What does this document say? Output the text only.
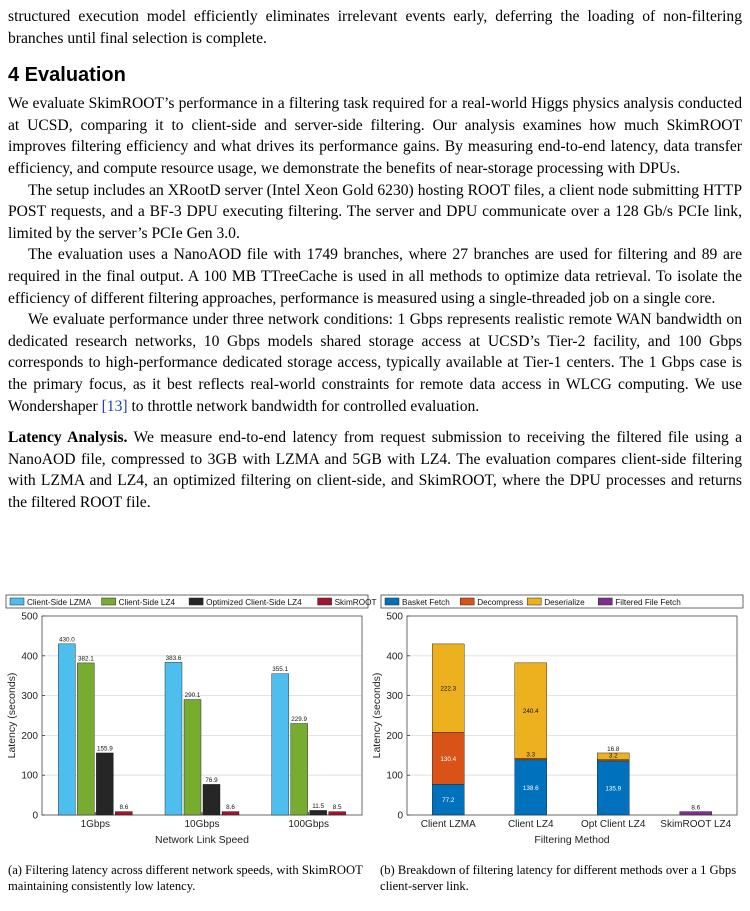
structured execution model efficiently eliminates irrelevant events early, deferring the loading of non-filtering branches until final selection is complete.

4 Evaluation

We evaluate SkimROOT’s performance in a filtering task required for a real-world Higgs physics analysis conducted at UCSD, comparing it to client-side and server-side filtering. Our analysis examines how much SkimROOT improves filtering efficiency and what drives its performance gains. By measuring end-to-end latency, data transfer efficiency, and compute resource usage, we demonstrate the benefits of near-storage processing with DPUs.

The setup includes an XRootD server (Intel Xeon Gold 6230) hosting ROOT files, a client node submitting HTTP POST requests, and a BF-3 DPU executing filtering. The server and DPU communicate over a 128 Gb/s PCIe link, limited by the server’s PCIe Gen 3.0.

The evaluation uses a NanoAOD file with 1749 branches, where 27 branches are used for filtering and 89 are required in the final output. A 100 MB TTreeCache is used in all methods to optimize data retrieval. To isolate the efficiency of different filtering approaches, performance is measured using a single-threaded job on a single core.

We evaluate performance under three network conditions: 1 Gbps represents realistic remote WAN bandwidth on dedicated research networks, 10 Gbps models shared storage access at UCSD’s Tier-2 facility, and 100 Gbps corresponds to high-performance dedicated storage access, typically available at Tier-1 centers. The 1 Gbps case is the primary focus, as it best reflects real-world constraints for remote data access in WLCG computing. We use Wondershaper [13] to throttle network bandwidth for controlled evaluation.

Latency Analysis. We measure end-to-end latency from request submission to receiving the filtered file using a NanoAOD file, compressed to 3GB with LZMA and 5GB with LZ4. The evaluation compares client-side filtering with LZMA and LZ4, an optimized filtering on client-side, and SkimROOT, where the DPU processes and returns the filtered ROOT file.

0
100
200
300
400
500
Latency (seconds)
Network Link Speed
Client-Side LZMA	Client-Side LZ4	Optimized Client-Side LZ4	SkimROOT
1Gbps
430.0
382.1
155.9
8.6
10Gbps
383.6
290.1
76.9
8.6
100Gbps
355.1
229.9
11.5 8.5
0
100
200
300
400
500
Latency (seconds)
Filtering Method
Basket Fetch	Decompress	Deserialize	Filtered File Fetch
Client LZMA
77.2
130.4
222.3
Client LZ4
138.6
3.3
240.4
Opt Client LZ4
135.9
3.2
16.8
SkimROOT LZ4
8.6
(a) Filtering latency across different network speeds, with SkimROOT maintaining consistently low latency.
(b) Breakdown of filtering latency for different methods over a 1 Gbps client-server link.
